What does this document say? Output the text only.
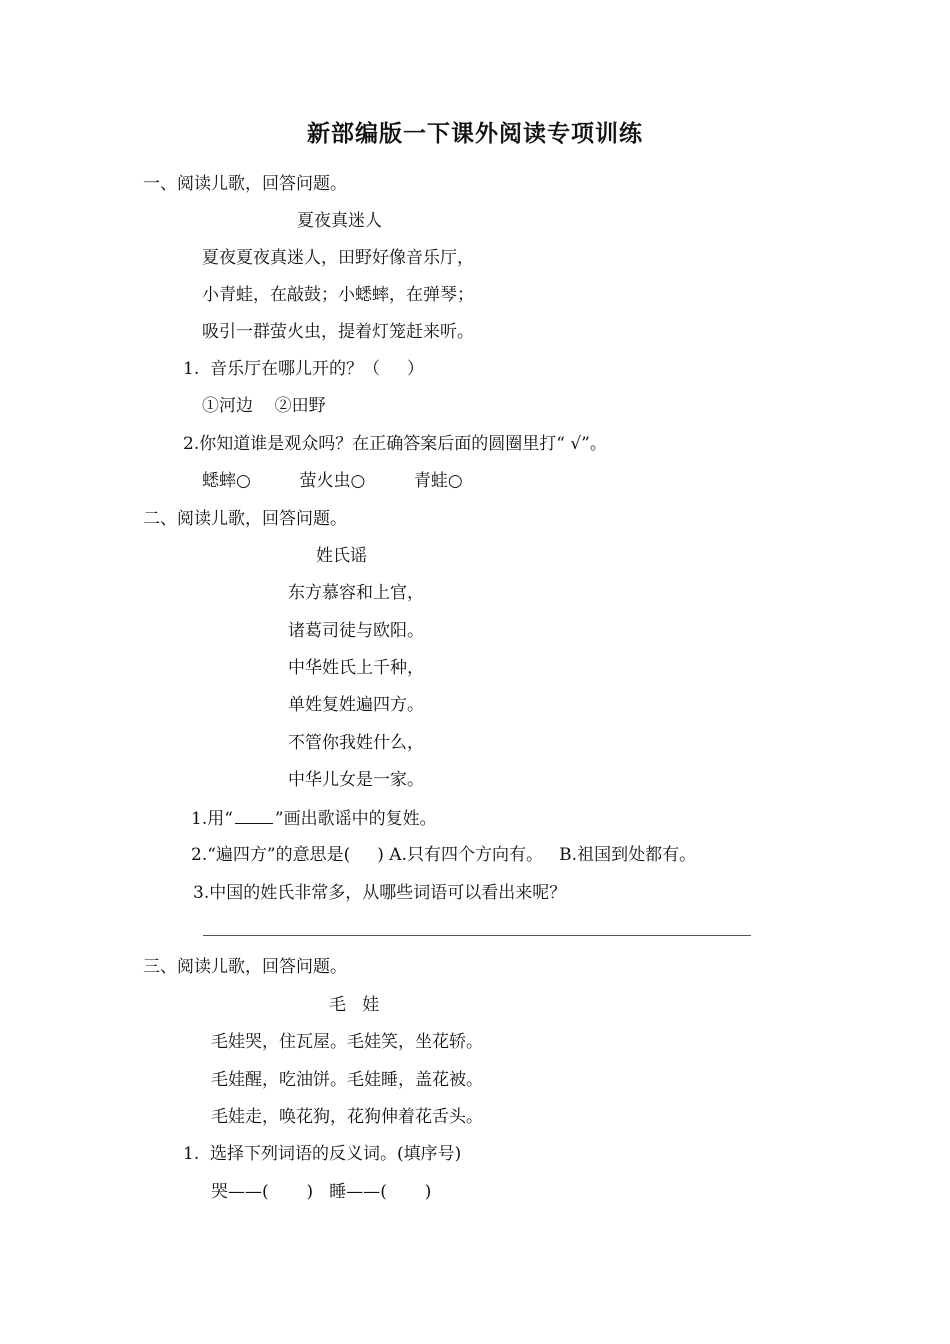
新部编版一下课外阅读专项训练
一、阅读儿歌，回答问题。
夏夜真迷人
夏夜夏夜真迷人，田野好像音乐厅，
小青蛙，在敲鼓；小蟋蟀，在弹琴；
吸引一群萤火虫，提着灯笼赶来听。
1.  音乐厅在哪儿开的？（     ）
①河边    ②田野
2.你知道谁是观众吗？在正确答案后面的圆圈里打“ √”。
蟋蟀○         萤火虫○         青蛙○
二、阅读儿歌，回答问题。
姓氏谣
东方慕容和上官，
诸葛司徒与欧阳。
中华姓氏上千种，
单姓复姓遍四方。
不管你我姓什么，
中华儿女是一家。
1.用“ ”画出歌谣中的复姓。
2.“遍四方”的意思是(     ) A.只有四个方向有。   B.祖国到处都有。
3.中国的姓氏非常多，从哪些词语可以看出来呢？
三、阅读儿歌，回答问题。
毛   娃
毛娃哭，住瓦屋。毛娃笑，坐花轿。
毛娃醒，吃油饼。毛娃睡，盖花被。
毛娃走，唤花狗，花狗伸着花舌头。
1.  选择下列词语的反义词。(填序号)
哭——(       )   睡——(       )
